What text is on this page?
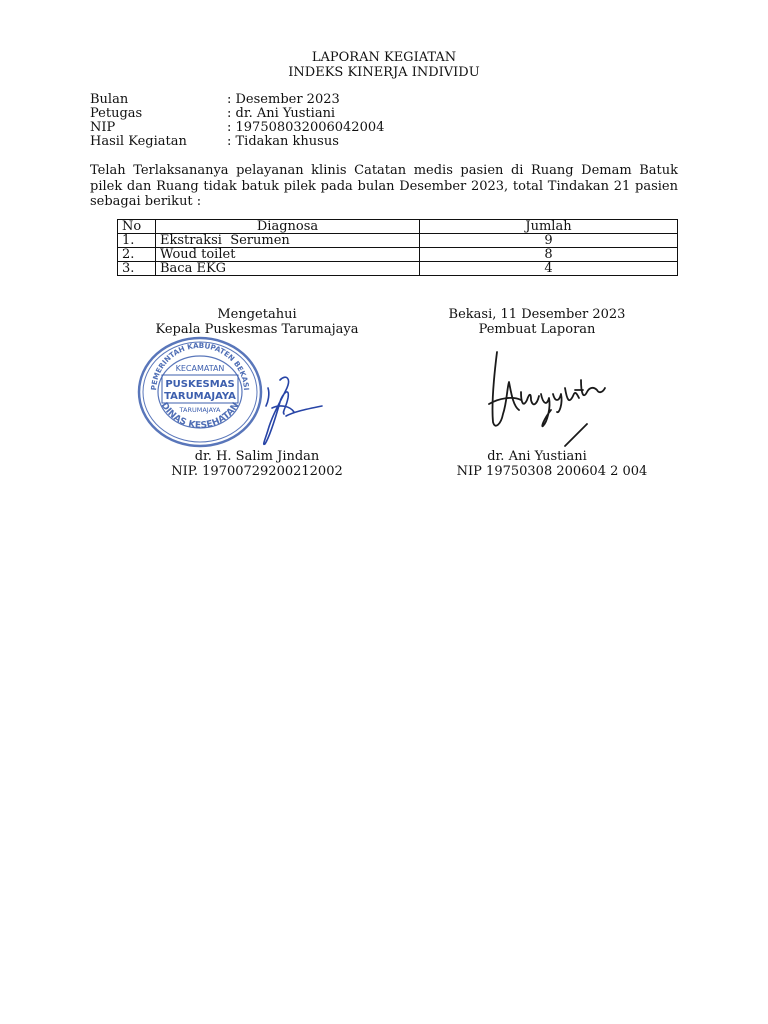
LAPORAN KEGIATAN
INDEKS KINERJA INDIVIDU
Bulan	: Desember 2023
Petugas	: dr. Ani Yustiani
NIP	: 197508032006042004
Hasil Kegiatan	: Tidakan khusus
Telah Terlaksananya pelayanan klinis Catatan medis pasien di Ruang Demam Batuk pilek dan Ruang tidak batuk pilek pada bulan Desember 2023, total Tindakan 21 pasien sebagai berikut :
No	Diagnosa	Jumlah
1.	Ekstraksi  Serumen	9
2.	Woud toilet	8
3.	Baca EKG	4
Mengetahui
Kepala Puskesmas Tarumajaya
PEMERINTAH KABUPATEN BEKASI
DINAS KESEHATAN
KECAMATAN
PUSKESMAS
TARUMAJAYA
TARUMAJAYA
dr. H. Salim Jindan
NIP. 19700729200212002
Bekasi, 11 Desember 2023
Pembuat Laporan
dr. Ani Yustiani
NIP 19750308 200604 2 004
